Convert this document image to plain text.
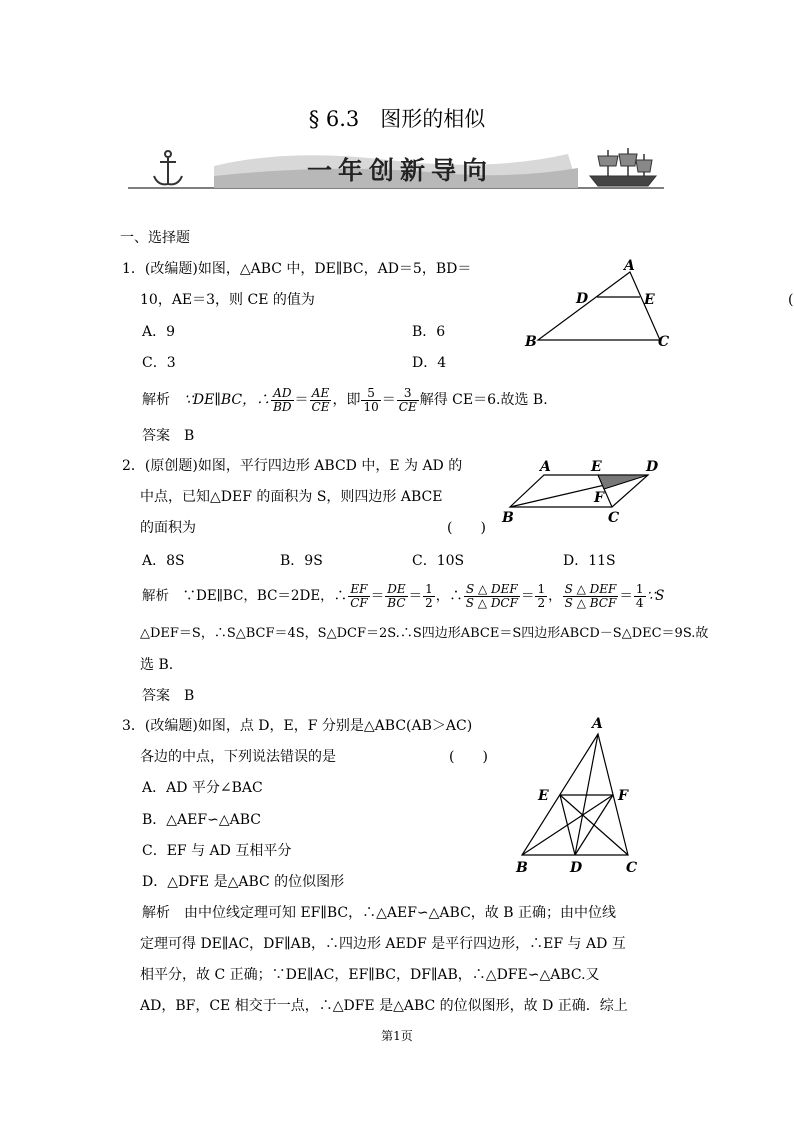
§ 6.3　图形的相似
一年创新导向
一、选择题
1．(改编题)如图，△ABC 中，DE∥BC，AD＝5，BD＝
10，AE＝3，则 CE 的值为
A．9	B．6
C．3	D．4
(
解析　 ∵DE∥BC，∴ $\frac{AD}{BD} = \frac{AE}{CE}$ ，即 $\frac{5}{10} = \frac{3}{CE}$ 解得 CE＝6.故选 B.
答案　B
A
D	E
B	C
2．(原创题)如图，平行四边形 ABCD 中，E 为 AD 的
中点，已知△DEF 的面积为 S，则四边形 ABCE
的面积为	(　　)
A．8S	B．9S	C．10S	D．11S
解析　 ∵DE∥BC，BC＝2DE，∴ $\frac{EF}{CF} = \frac{DE}{BC} = \frac{1}{2}$ ，∴ $\frac{\text{S △ DEF}}{\text{S △ DCF}} = \frac{1}{2}$ ， $\frac{\text{S △ DEF}}{\text{S △ BCF}} = \frac{1}{4}$ ∵S
△DEF＝S，∴S△BCF＝4S，S△DCF＝2S.∴S四边形ABCE＝S四边形ABCD－S△DEC＝9S.故
选 B.
答案　B
A	E	D
F
B	C
3．(改编题)如图，点 D，E，F 分别是△ABC(AB＞AC)
各边的中点，下列说法错误的是	(　　)
A．AD 平分∠BAC
B．△AEF∽△ABC
C．EF 与 AD 互相平分
D．△DFE 是△ABC 的位似图形
解析　由中位线定理可知 EF∥BC，∴△AEF∽△ABC，故 B 正确；由中位线
定理可得 DE∥AC，DF∥AB，∴四边形 AEDF 是平行四边形，∴EF 与 AD 互
相平分，故 C 正确；∵DE∥AC，EF∥BC，DF∥AB，∴△DFE∽△ABC.又
AD，BF，CE 相交于一点，∴△DFE 是△ABC 的位似图形，故 D 正确．综上
A
E	F
B	D	C
第1页
